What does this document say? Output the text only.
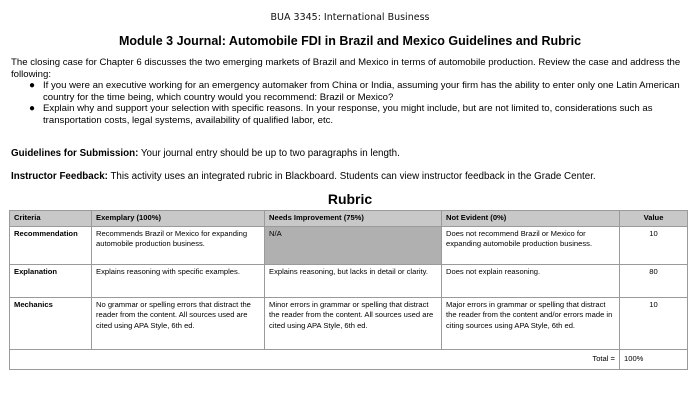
BUA 3345: International Business
Module 3 Journal: Automobile FDI in Brazil and Mexico Guidelines and Rubric

The closing case for Chapter 6 discusses the two emerging markets of Brazil and Mexico in terms of automobile production. Review the case and address the following:

● If you were an executive working for an emergency automaker from China or India, assuming your firm has the ability to enter only one Latin American country for the time being, which country would you recommend: Brazil or Mexico?
● Explain why and support your selection with specific reasons. In your response, you might include, but are not limited to, considerations such as transportation costs, legal systems, availability of qualified labor, etc.
Guidelines for Submission: Your journal entry should be up to two paragraphs in length.
Instructor Feedback: This activity uses an integrated rubric in Blackboard. Students can view instructor feedback in the Grade Center.
Rubric
Criteria	Exemplary (100%)	Needs Improvement (75%)	Not Evident (0%)	Value
Recommendation	Recommends Brazil or Mexico for expanding automobile production business.	N/A	Does not recommend Brazil or Mexico for expanding automobile production business.	10
Explanation	Explains reasoning with specific examples.	Explains reasoning, but lacks in detail or clarity.	Does not explain reasoning.	80
Mechanics	No grammar or spelling errors that distract the reader from the content. All sources used are cited using APA Style, 6th ed.	Minor errors in grammar or spelling that distract the reader from the content. All sources used are cited using APA Style, 6th ed.	Major errors in grammar or spelling that distract the reader from the content and/or errors made in citing sources using APA Style, 6th ed.	10
Total =				100%
